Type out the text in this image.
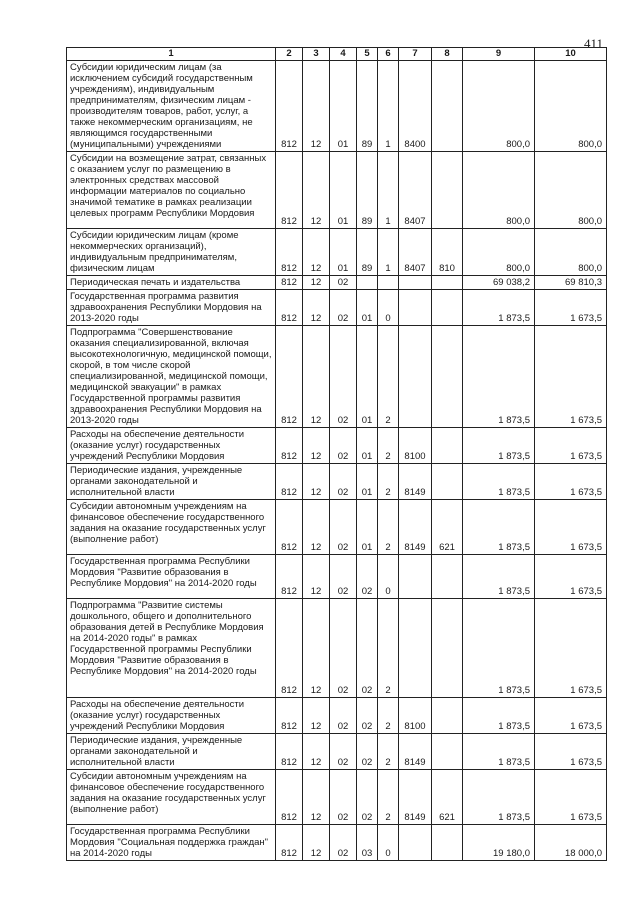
411
1	2	3	4	5	6	7	8	9	10
Субсидии юридическим лицам (за исключением субсидий государственным учреждениям), индивидуальным предпринимателям, физическим лицам - производителям товаров, работ, услуг, а также некоммерческим организациям, не являющимся государственными (муниципальными) учреждениями	812	12	01	89	1	8400		800,0	800,0
Субсидии на возмещение затрат, связанных с оказанием услуг по размещению в электронных средствах массовой информации материалов по социально значимой тематике в рамках реализации целевых программ Республики Мордовия	812	12	01	89	1	8407		800,0	800,0
Субсидии юридическим лицам (кроме некоммерческих организаций), индивидуальным предпринимателям, физическим лицам	812	12	01	89	1	8407	810	800,0	800,0
Периодическая печать и издательства	812	12	02					69 038,2	69 810,3
Государственная программа развития здравоохранения Республики Мордовия на 2013-2020 годы	812	12	02	01	0			1 873,5	1 673,5
Подпрограмма "Совершенствование оказания специализированной, включая высокотехнологичную, медицинской помощи, скорой, в том числе скорой специализированной, медицинской помощи, медицинской эвакуации" в рамках Государственной программы развития здравоохранения Республики Мордовия на 2013-2020 годы	812	12	02	01	2			1 873,5	1 673,5
Расходы на обеспечение деятельности (оказание услуг) государственных учреждений Республики Мордовия	812	12	02	01	2	8100		1 873,5	1 673,5
Периодические издания, учрежденные органами законодательной и исполнительной власти	812	12	02	01	2	8149		1 873,5	1 673,5
Субсидии автономным учреждениям на финансовое обеспечение государственного задания на оказание государственных услуг (выполнение работ)	812	12	02	01	2	8149	621	1 873,5	1 673,5
Государственная программа Республики Мордовия "Развитие образования в Республике Мордовия" на 2014-2020 годы	812	12	02	02	0			1 873,5	1 673,5
Подпрограмма "Развитие системы дошкольного, общего и дополнительного образования детей в Республике Мордовия на 2014-2020 годы" в рамках Государственной программы Республики Мордовия "Развитие образования в Республике Мордовия" на 2014-2020 годы	812	12	02	02	2			1 873,5	1 673,5
Расходы на обеспечение деятельности (оказание услуг) государственных учреждений Республики Мордовия	812	12	02	02	2	8100		1 873,5	1 673,5
Периодические издания, учрежденные органами законодательной и исполнительной власти	812	12	02	02	2	8149		1 873,5	1 673,5
Субсидии автономным учреждениям на финансовое обеспечение государственного задания на оказание государственных услуг (выполнение работ)	812	12	02	02	2	8149	621	1 873,5	1 673,5
Государственная программа Республики Мордовия "Социальная поддержка граждан" на 2014-2020 годы	812	12	02	03	0			19 180,0	18 000,0
